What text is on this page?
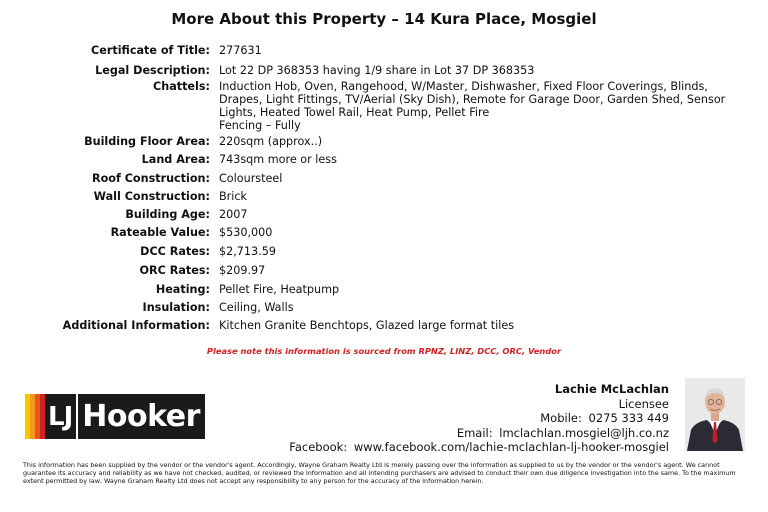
More About this Property – 14 Kura Place, Mosgiel
Certificate of Title: 277631
Legal Description: Lot 22 DP 368353 having 1/9 share in Lot 37 DP 368353
Chattels: Induction Hob, Oven, Rangehood, W/Master, Dishwasher, Fixed Floor Coverings, Blinds, Drapes, Light Fittings, TV/Aerial (Sky Dish), Remote for Garage Door, Garden Shed, Sensor Lights, Heated Towel Rail, Heat Pump, Pellet Fire
Fencing – Fully
Building Floor Area: 220sqm (approx..)
Land Area: 743sqm more or less
Roof Construction: Coloursteel
Wall Construction: Brick
Building Age: 2007
Rateable Value: $530,000
DCC Rates: $2,713.59
ORC Rates: $209.97
Heating: Pellet Fire, Heatpump
Insulation: Ceiling, Walls
Additional Information: Kitchen Granite Benchtops, Glazed large format tiles
Please note this information is sourced from RPNZ, LINZ, DCC, ORC, Vendor
LJ Hooker
Lachie McLachlan
Licensee
Mobile: 0275 333 449
Email: lmclachlan.mosgiel@ljh.co.nz
Facebook: www.facebook.com/lachie-mclachlan-lj-hooker-mosgiel
This information has been supplied by the vendor or the vendor's agent. Accordingly, Wayne Graham Realty Ltd is merely passing over the information as supplied to us by the vendor or the vendor's agent. We cannot guarantee its accuracy and reliability as we have not checked, audited, or reviewed the information and all intending purchasers are advised to conduct their own due diligence investigation into the same. To the maximum extent permitted by law, Wayne Graham Realty Ltd does not accept any responsibility to any person for the accuracy of the information herein.
